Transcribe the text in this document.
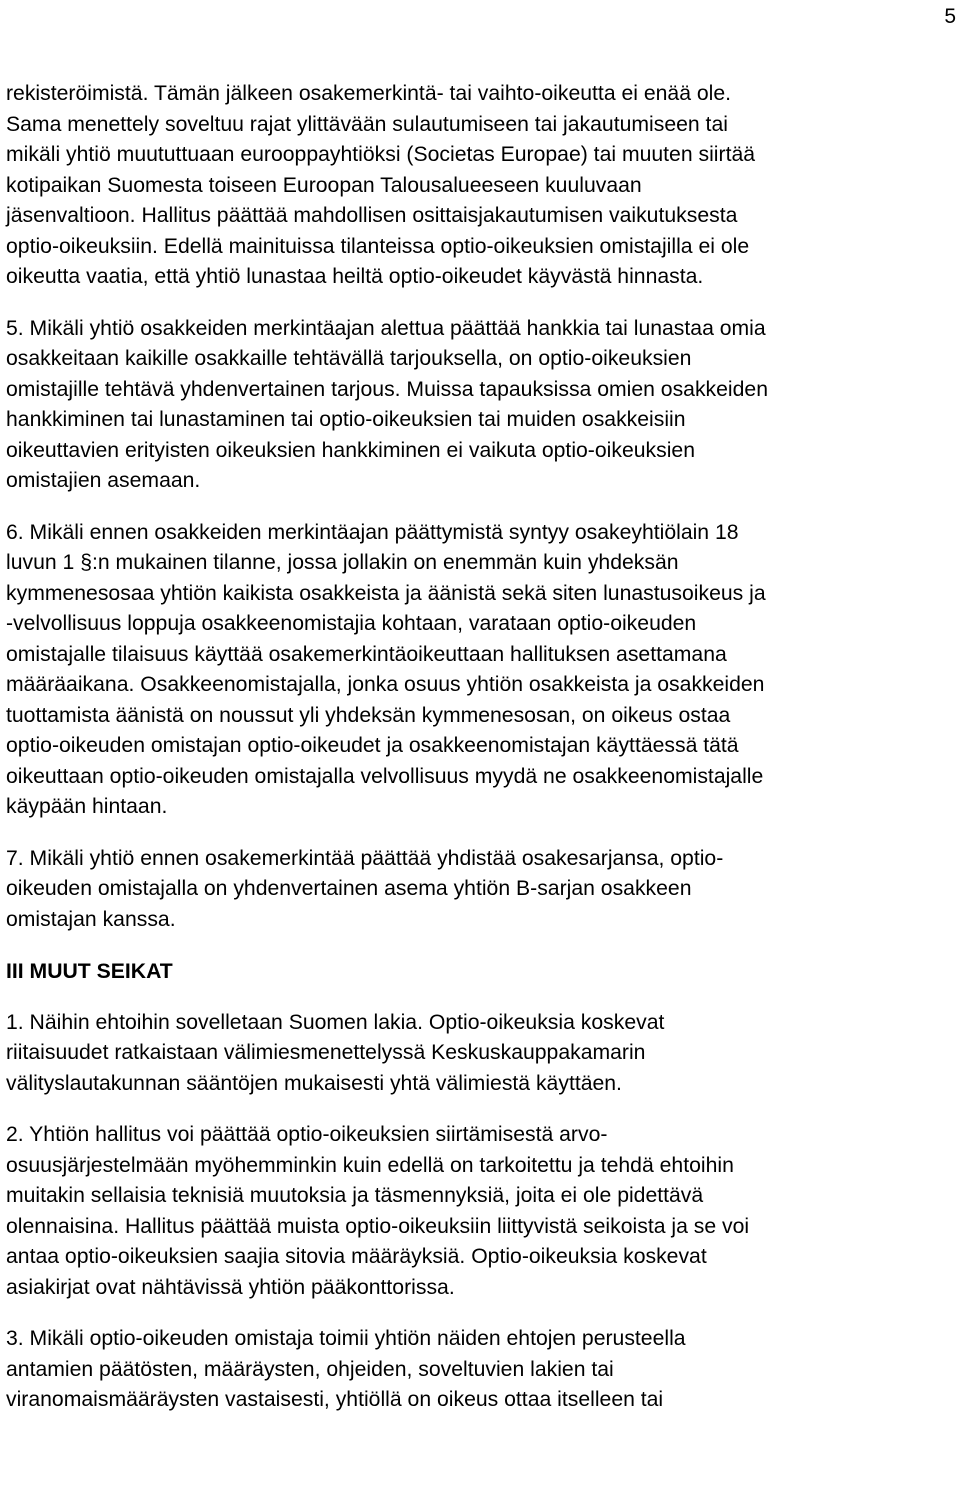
5

rekisteröimistä. Tämän jälkeen osakemerkintä- tai vaihto-oikeutta ei enää ole.
Sama menettely soveltuu rajat ylittävään sulautumiseen tai jakautumiseen tai
mikäli yhtiö muututtuaan eurooppayhtiöksi (Societas Europae) tai muuten siirtää
kotipaikan Suomesta toiseen Euroopan Talousalueeseen kuuluvaan
jäsenvaltioon. Hallitus päättää mahdollisen osittaisjakautumisen vaikutuksesta
optio-oikeuksiin. Edellä mainituissa tilanteissa optio-oikeuksien omistajilla ei ole
oikeutta vaatia, että yhtiö lunastaa heiltä optio-oikeudet käyvästä hinnasta.

5. Mikäli yhtiö osakkeiden merkintäajan alettua päättää hankkia tai lunastaa omia
osakkeitaan kaikille osakkaille tehtävällä tarjouksella, on optio-oikeuksien
omistajille tehtävä yhdenvertainen tarjous. Muissa tapauksissa omien osakkeiden
hankkiminen tai lunastaminen tai optio-oikeuksien tai muiden osakkeisiin
oikeuttavien erityisten oikeuksien hankkiminen ei vaikuta optio-oikeuksien
omistajien asemaan.

6. Mikäli ennen osakkeiden merkintäajan päättymistä syntyy osakeyhtiölain 18
luvun 1 §:n mukainen tilanne, jossa jollakin on enemmän kuin yhdeksän
kymmenesosaa yhtiön kaikista osakkeista ja äänistä sekä siten lunastusoikeus ja
-velvollisuus loppuja osakkeenomistajia kohtaan, varataan optio-oikeuden
omistajalle tilaisuus käyttää osakemerkintäoikeuttaan hallituksen asettamana
määräaikana. Osakkeenomistajalla, jonka osuus yhtiön osakkeista ja osakkeiden
tuottamista äänistä on noussut yli yhdeksän kymmenesosan, on oikeus ostaa
optio-oikeuden omistajan optio-oikeudet ja osakkeenomistajan käyttäessä tätä
oikeuttaan optio-oikeuden omistajalla velvollisuus myydä ne osakkeenomistajalle
käypään hintaan.

7. Mikäli yhtiö ennen osakemerkintää päättää yhdistää osakesarjansa, optio-
oikeuden omistajalla on yhdenvertainen asema yhtiön B-sarjan osakkeen
omistajan kanssa.

III MUUT SEIKAT

1. Näihin ehtoihin sovelletaan Suomen lakia. Optio-oikeuksia koskevat
riitaisuudet ratkaistaan välimiesmenettelyssä Keskuskauppakamarin
välityslautakunnan sääntöjen mukaisesti yhtä välimiestä käyttäen.

2. Yhtiön hallitus voi päättää optio-oikeuksien siirtämisestä arvo-
osuusjärjestelmään myöhemminkin kuin edellä on tarkoitettu ja tehdä ehtoihin
muitakin sellaisia teknisiä muutoksia ja täsmennyksiä, joita ei ole pidettävä
olennaisina. Hallitus päättää muista optio-oikeuksiin liittyvistä seikoista ja se voi
antaa optio-oikeuksien saajia sitovia määräyksiä. Optio-oikeuksia koskevat
asiakirjat ovat nähtävissä yhtiön pääkonttorissa.

3. Mikäli optio-oikeuden omistaja toimii yhtiön näiden ehtojen perusteella
antamien päätösten, määräysten, ohjeiden, soveltuvien lakien tai
viranomaismääräysten vastaisesti, yhtiöllä on oikeus ottaa itselleen tai
